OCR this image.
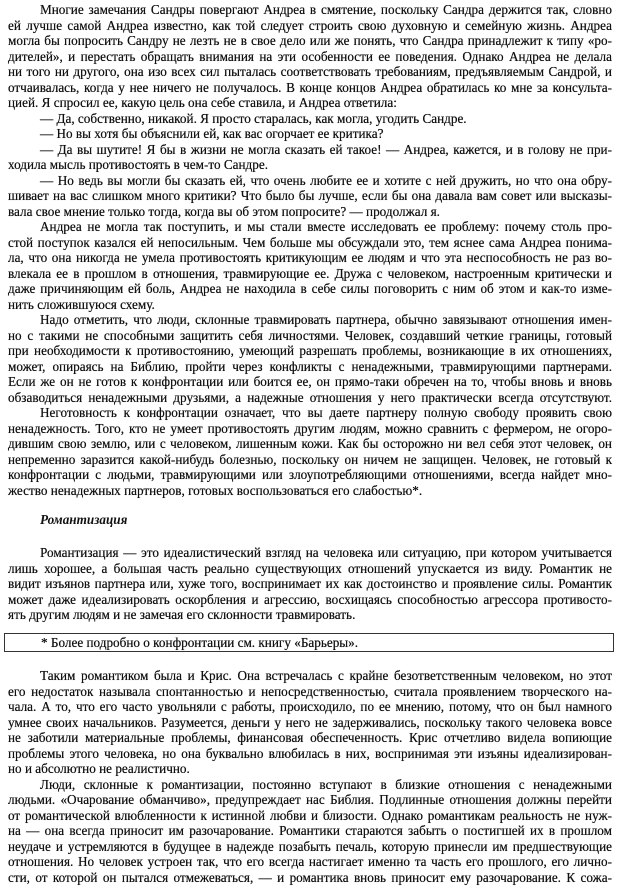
Многие замечания Сандры повергают Андреа в смятение, поскольку Сандра держится так, словно
ей лучше самой Андреа известно, как той следует строить свою духовную и семейную жизнь. Андреа
могла бы попросить Сандру не лезть не в свое дело или же понять, что Сандра принадлежит к типу «ро-
дителей», и перестать обращать внимания на эти особенности ее поведения. Однако Андреа не делала
ни того ни другого, она изо всех сил пыталась соответствовать требованиям, предъявляемым Сандрой, и
отчаивалась, когда у нее ничего не получалось. В конце концов Андреа обратилась ко мне за консульта-
цией. Я спросил ее, какую цель она себе ставила, и Андреа ответила:
— Да, собственно, никакой. Я просто старалась, как могла, угодить Сандре.
— Но вы хотя бы объяснили ей, как вас огорчает ее критика?
— Да вы шутите! Я бы в жизни не могла сказать ей такое! — Андреа, кажется, и в голову не при-
ходила мысль противостоять в чем-то Сандре.
— Но ведь вы могли бы сказать ей, что очень любите ее и хотите с ней дружить, но что она обру-
шивает на вас слишком много критики? Что было бы лучше, если бы она давала вам совет или высказы-
вала свое мнение только тогда, когда вы об этом попросите? — продолжал я.
Андреа не могла так поступить, и мы стали вместе исследовать ее проблему: почему столь про-
стой поступок казался ей непосильным. Чем больше мы обсуждали это, тем яснее сама Андреа понима-
ла, что она никогда не умела противостоять критикующим ее людям и что эта неспособность не раз во-
влекала ее в прошлом в отношения, травмирующие ее. Дружа с человеком, настроенным критически и
даже причиняющим ей боль, Андреа не находила в себе силы поговорить с ним об этом и как-то изме-
нить сложившуюся схему.
Надо отметить, что люди, склонные травмировать партнера, обычно завязывают отношения имен-
но с такими не способными защитить себя личностями. Человек, создавший четкие границы, готовый
при необходимости к противостоянию, умеющий разрешать проблемы, возникающие в их отношениях,
может, опираясь на Библию, пройти через конфликты с ненадежными, травмирующими партнерами.
Если же он не готов к конфронтации или боится ее, он прямо-таки обречен на то, чтобы вновь и вновь
обзаводиться ненадежными друзьями, а надежные отношения у него практически всегда отсутствуют.
Неготовность к конфронтации означает, что вы даете партнеру полную свободу проявить свою
ненадежность. Того, кто не умеет противостоять другим людям, можно сравнить с фермером, не огоро-
дившим свою землю, или с человеком, лишенным кожи. Как бы осторожно ни вел себя этот человек, он
непременно заразится какой-нибудь болезнью, поскольку он ничем не защищен. Человек, не готовый к
конфронтации с людьми, травмирующими или злоупотребляющими отношениями, всегда найдет мно-
жество ненадежных партнеров, готовых воспользоваться его слабостью*.
Романтизация
Романтизация — это идеалистический взгляд на человека или ситуацию, при котором учитывается
лишь хорошее, а большая часть реально существующих отношений упускается из виду. Романтик не
видит изъянов партнера или, хуже того, воспринимает их как достоинство и проявление силы. Романтик
может даже идеализировать оскорбления и агрессию, восхищаясь способностью агрессора противосто-
ять другим людям и не замечая его склонности травмировать.
* Более подробно о конфронтации см. книгу «Барьеры».
Таким романтиком была и Крис. Она встречалась с крайне безответственным человеком, но этот
его недостаток называла спонтанностью и непосредственностью, считала проявлением творческого на-
чала. А то, что его часто увольняли с работы, происходило, по ее мнению, потому, что он был намного
умнее своих начальников. Разумеется, деньги у него не задерживались, поскольку такого человека вовсе
не заботили материальные проблемы, финансовая обеспеченность. Крис отчетливо видела вопиющие
проблемы этого человека, но она буквально влюбилась в них, воспринимая эти изъяны идеализирован-
но и абсолютно не реалистично.
Люди, склонные к романтизации, постоянно вступают в близкие отношения с ненадежными
людьми. «Очарование обманчиво», предупреждает нас Библия. Подлинные отношения должны перейти
от романтической влюбленности к истинной любви и близости. Однако романтикам реальность не нуж-
на — она всегда приносит им разочарование. Романтики стараются забыть о постигшей их в прошлом
неудаче и устремляются в будущее в надежде позабыть печаль, которую принесли им предшествующие
отношения. Но человек устроен так, что его всегда настигает именно та часть его прошлого, его лично-
сти, от которой он пытался отмежеваться, — и романтика вновь приносит ему разочарование. К сожа-
